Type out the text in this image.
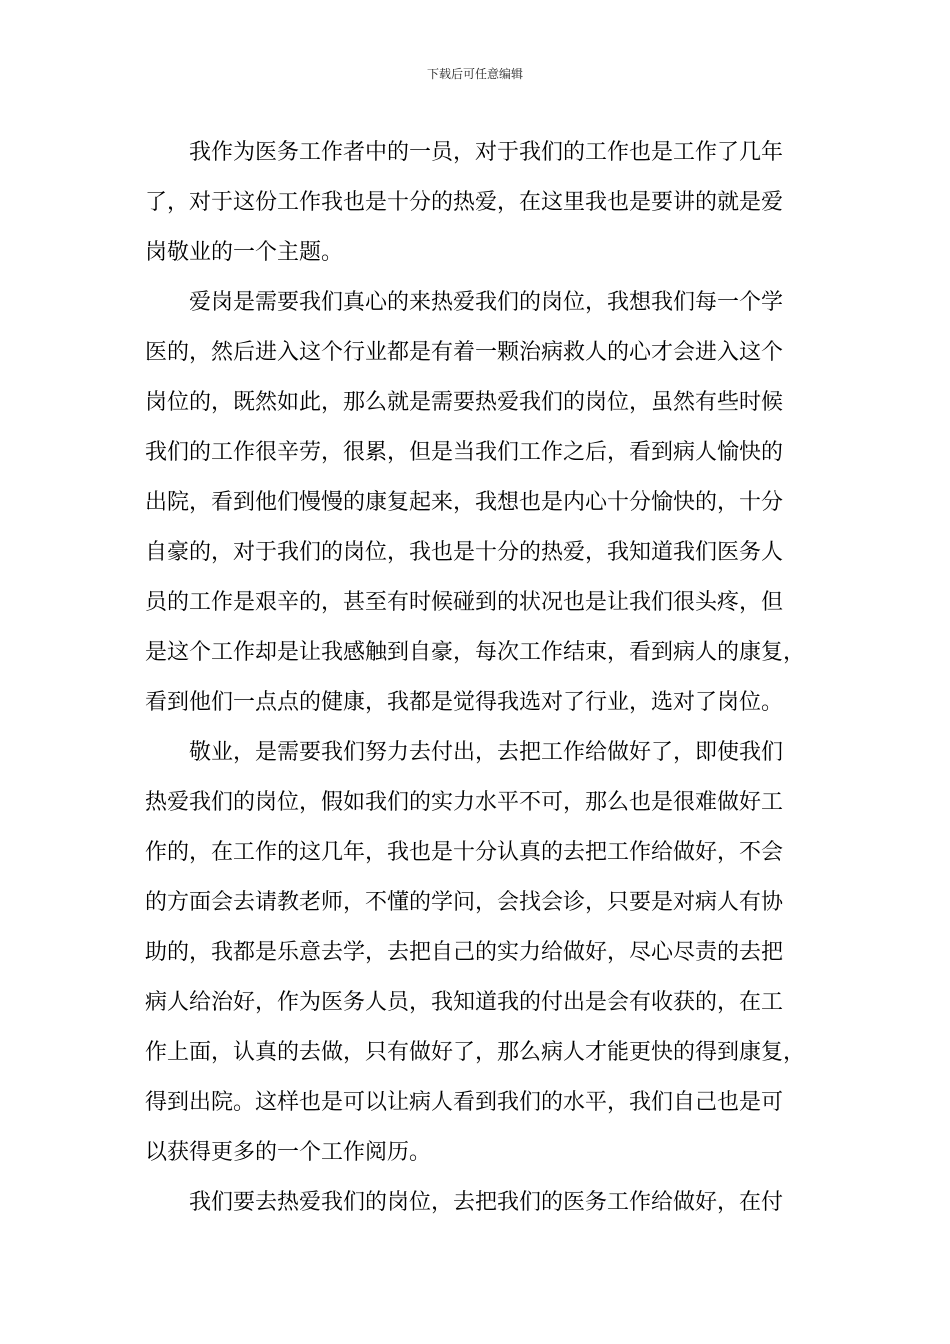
下载后可任意编辑
我作为医务工作者中的一员，对于我们的工作也是工作了几年
了，对于这份工作我也是十分的热爱，在这里我也是要讲的就是爱
岗敬业的一个主题。
爱岗是需要我们真心的来热爱我们的岗位，我想我们每一个学
医的，然后进入这个行业都是有着一颗治病救人的心才会进入这个
岗位的，既然如此，那么就是需要热爱我们的岗位，虽然有些时候
我们的工作很辛劳，很累，但是当我们工作之后，看到病人愉快的
出院，看到他们慢慢的康复起来，我想也是内心十分愉快的，十分
自豪的，对于我们的岗位，我也是十分的热爱，我知道我们医务人
员的工作是艰辛的，甚至有时候碰到的状况也是让我们很头疼，但
是这个工作却是让我感触到自豪，每次工作结束，看到病人的康复，
看到他们一点点的健康，我都是觉得我选对了行业，选对了岗位。
敬业，是需要我们努力去付出，去把工作给做好了，即使我们
热爱我们的岗位，假如我们的实力水平不可，那么也是很难做好工
作的，在工作的这几年，我也是十分认真的去把工作给做好，不会
的方面会去请教老师，不懂的学问，会找会诊，只要是对病人有协
助的，我都是乐意去学，去把自己的实力给做好，尽心尽责的去把
病人给治好，作为医务人员，我知道我的付出是会有收获的，在工
作上面，认真的去做，只有做好了，那么病人才能更快的得到康复，
得到出院。这样也是可以让病人看到我们的水平，我们自己也是可
以获得更多的一个工作阅历。
我们要去热爱我们的岗位，去把我们的医务工作给做好，在付
